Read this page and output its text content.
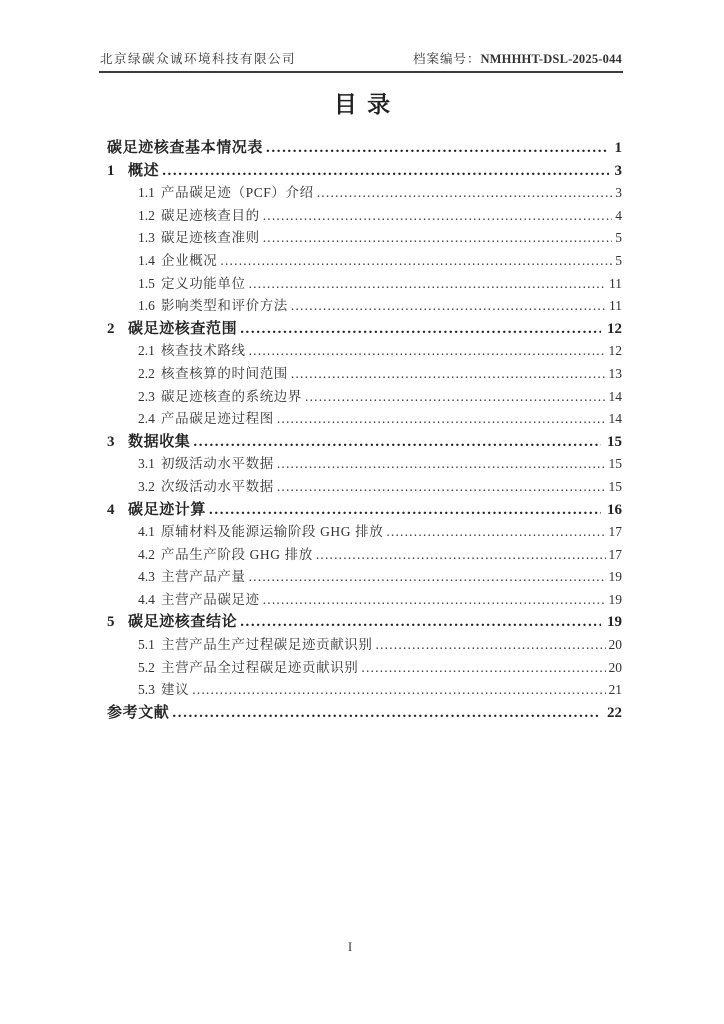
北京绿碳众诚环境科技有限公司	档案编号：NMHHHT-DSL-2025-044
目录
碳足迹核查基本情况表 .....	1
1 概述 .....	3
1.1 产品碳足迹（PCF）介绍 .....	3
1.2 碳足迹核查目的 .....	4
1.3 碳足迹核查准则 .....	5
1.4 企业概况 .....	5
1.5 定义功能单位 .....	11
1.6 影响类型和评价方法 .....	11
2 碳足迹核查范围 .....	12
2.1 核查技术路线 .....	12
2.2 核查核算的时间范围 .....	13
2.3 碳足迹核查的系统边界 .....	14
2.4 产品碳足迹过程图 .....	14
3 数据收集 .....	15
3.1 初级活动水平数据 .....	15
3.2 次级活动水平数据 .....	15
4 碳足迹计算 .....	16
4.1 原辅材料及能源运输阶段 GHG 排放 .....	17
4.2 产品生产阶段 GHG 排放 .....	17
4.3 主营产品产量 .....	19
4.4 主营产品碳足迹 .....	19
5 碳足迹核查结论 .....	19
5.1 主营产品生产过程碳足迹贡献识别 .....	20
5.2 主营产品全过程碳足迹贡献识别 .....	20
5.3 建议 .....	21
参考文献 .....	22
I
